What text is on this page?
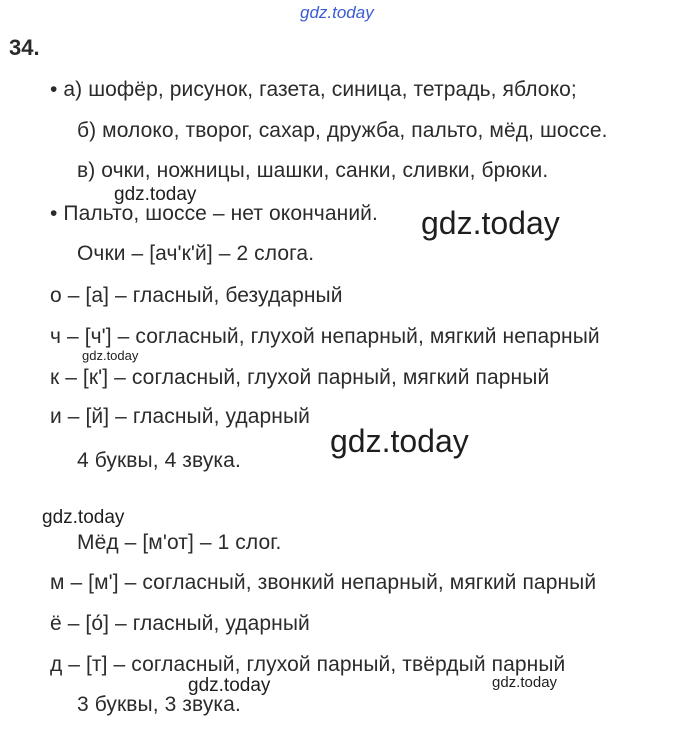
gdz.today
34.
• а) шофёр, рисунок, газета, синица, тетрадь, яблоко;
б) молоко, творог, сахар, дружба, пальто, мёд, шоссе.
в) очки, ножницы, шашки, санки, сливки, брюки.
gdz.today
• Пальто, шоссе – нет окончаний. gdz.today
Очки – [ач'к'й] – 2 слога.
о – [а] – гласный, безударный
ч – [ч'] – согласный, глухой непарный, мягкий непарный
gdz.today
к – [к'] – согласный, глухой парный, мягкий парный
и – [й] – гласный, ударный
gdz.today
4 буквы, 4 звука.
gdz.today
Мёд – [м'от] – 1 слог.
м – [м'] – согласный, звонкий непарный, мягкий парный
ё – [о́] – гласный, ударный
д – [т] – согласный, глухой парный, твёрдый парный
gdz.today	gdz.today
3 буквы, 3 звука.
